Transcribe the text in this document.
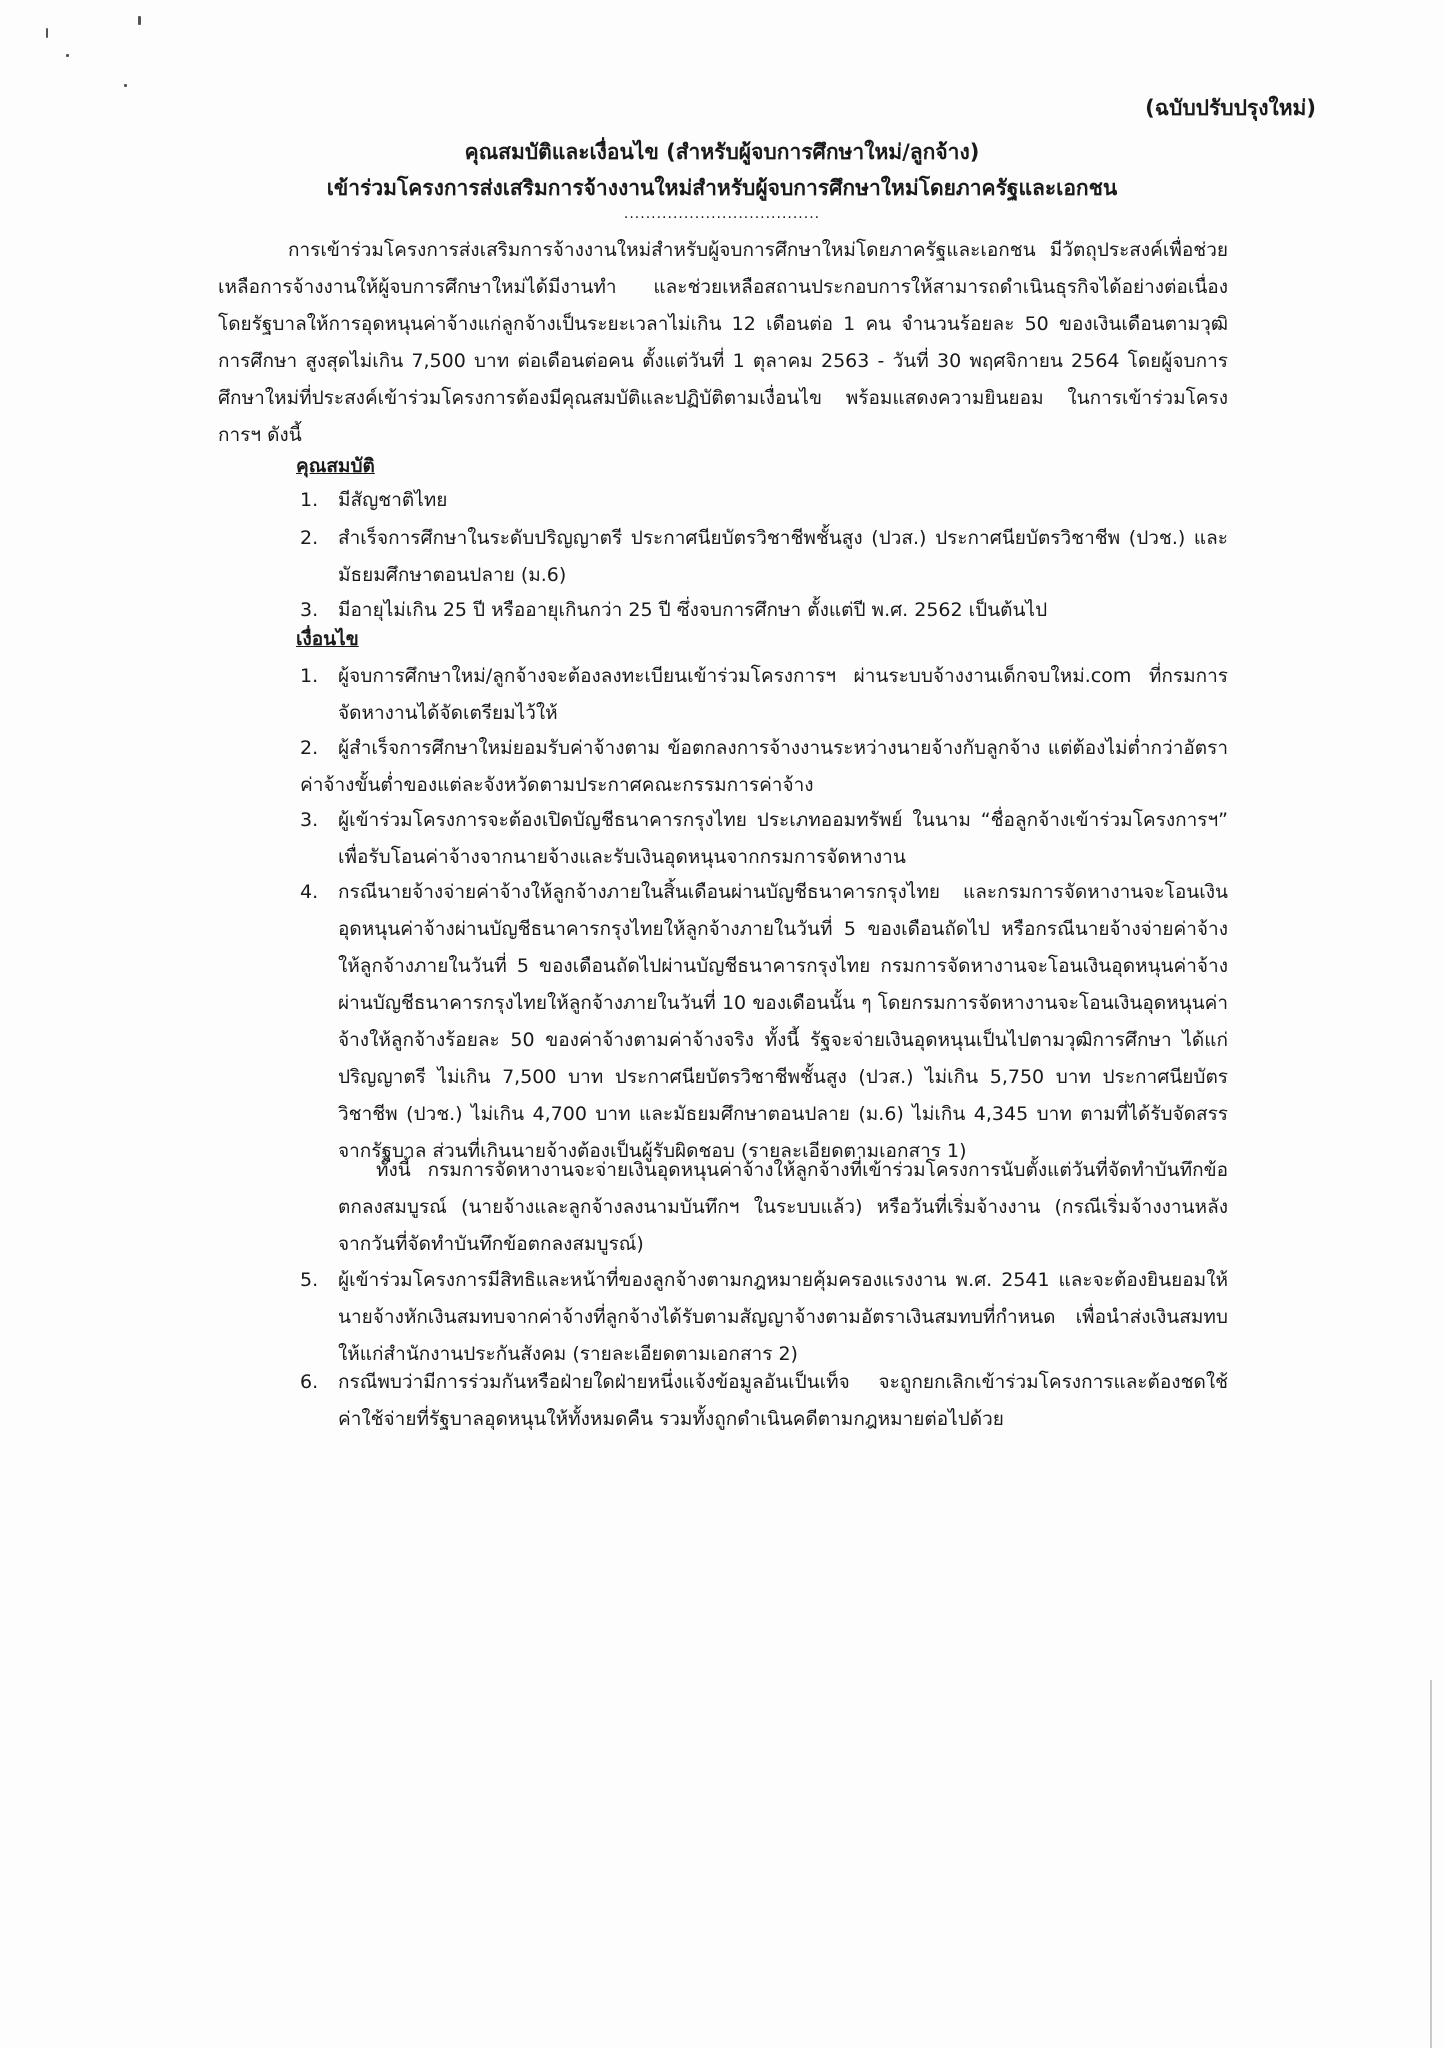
(ฉบับปรับปรุงใหม่)
คุณสมบัติและเงื่อนไข (สำหรับผู้จบการศึกษาใหม่/ลูกจ้าง)
เข้าร่วมโครงการส่งเสริมการจ้างงานใหม่สำหรับผู้จบการศึกษาใหม่โดยภาครัฐและเอกชน
....................................

การเข้าร่วมโครงการส่งเสริมการจ้างงานใหม่สำหรับผู้จบการศึกษาใหม่โดยภาครัฐและเอกชน มีวัตถุประสงค์เพื่อช่วยเหลือการจ้างงานให้ผู้จบการศึกษาใหม่ได้มีงานทำ และช่วยเหลือสถานประกอบการให้สามารถดำเนินธุรกิจได้อย่างต่อเนื่อง โดยรัฐบาลให้การอุดหนุนค่าจ้างแก่ลูกจ้างเป็นระยะเวลาไม่เกิน 12 เดือนต่อ 1 คน จำนวนร้อยละ 50 ของเงินเดือนตามวุฒิการศึกษา สูงสุดไม่เกิน 7,500 บาท ต่อเดือนต่อคน ตั้งแต่วันที่ 1 ตุลาคม 2563 - วันที่ 30 พฤศจิกายน 2564 โดยผู้จบการศึกษาใหม่ที่ประสงค์เข้าร่วมโครงการต้องมีคุณสมบัติและปฏิบัติตามเงื่อนไข พร้อมแสดงความยินยอม ในการเข้าร่วมโครงการฯ ดังนี้

คุณสมบัติ
1. มีสัญชาติไทย
2. สำเร็จการศึกษาในระดับปริญญาตรี ประกาศนียบัตรวิชาชีพชั้นสูง (ปวส.) ประกาศนียบัตรวิชาชีพ (ปวช.) และมัธยมศึกษาตอนปลาย (ม.6)
3. มีอายุไม่เกิน 25 ปี หรืออายุเกินกว่า 25 ปี ซึ่งจบการศึกษา ตั้งแต่ปี พ.ศ. 2562 เป็นต้นไป
เงื่อนไข
1. ผู้จบการศึกษาใหม่/ลูกจ้างจะต้องลงทะเบียนเข้าร่วมโครงการฯ ผ่านระบบจ้างงานเด็กจบใหม่.com ที่กรมการจัดหางานได้จัดเตรียมไว้ให้

2. ผู้สำเร็จการศึกษาใหม่ยอมรับค่าจ้างตาม ข้อตกลงการจ้างงานระหว่างนายจ้างกับลูกจ้าง แต่ต้องไม่ต่ำกว่าอัตราค่าจ้างขั้นต่ำของแต่ละจังหวัดตามประกาศคณะกรรมการค่าจ้าง

3. ผู้เข้าร่วมโครงการจะต้องเปิดบัญชีธนาคารกรุงไทย ประเภทออมทรัพย์ ในนาม “ชื่อลูกจ้างเข้าร่วมโครงการฯ” เพื่อรับโอนค่าจ้างจากนายจ้างและรับเงินอุดหนุนจากกรมการจัดหางาน
4. กรณีนายจ้างจ่ายค่าจ้างให้ลูกจ้างภายในสิ้นเดือนผ่านบัญชีธนาคารกรุงไทย และกรมการจัดหางานจะโอนเงินอุดหนุนค่าจ้างผ่านบัญชีธนาคารกรุงไทยให้ลูกจ้างภายในวันที่ 5 ของเดือนถัดไป หรือกรณีนายจ้างจ่ายค่าจ้างให้ลูกจ้างภายในวันที่ 5 ของเดือนถัดไปผ่านบัญชีธนาคารกรุงไทย กรมการจัดหางานจะโอนเงินอุดหนุนค่าจ้างผ่านบัญชีธนาคารกรุงไทยให้ลูกจ้างภายในวันที่ 10 ของเดือนนั้น ๆ โดยกรมการจัดหางานจะโอนเงินอุดหนุนค่าจ้างให้ลูกจ้างร้อยละ 50 ของค่าจ้างตามค่าจ้างจริง ทั้งนี้ รัฐจะจ่ายเงินอุดหนุนเป็นไปตามวุฒิการศึกษา ได้แก่ ปริญญาตรี ไม่เกิน 7,500 บาท ประกาศนียบัตรวิชาชีพชั้นสูง (ปวส.) ไม่เกิน 5,750 บาท ประกาศนียบัตรวิชาชีพ (ปวช.) ไม่เกิน 4,700 บาท และมัธยมศึกษาตอนปลาย (ม.6) ไม่เกิน 4,345 บาท ตามที่ได้รับจัดสรรจากรัฐบาล ส่วนที่เกินนายจ้างต้องเป็นผู้รับผิดชอบ (รายละเอียดตามเอกสาร 1)

ทั้งนี้ กรมการจัดหางานจะจ่ายเงินอุดหนุนค่าจ้างให้ลูกจ้างที่เข้าร่วมโครงการนับตั้งแต่วันที่จัดทำบันทึกข้อตกลงสมบูรณ์ (นายจ้างและลูกจ้างลงนามบันทึกฯ ในระบบแล้ว) หรือวันที่เริ่มจ้างงาน (กรณีเริ่มจ้างงานหลังจากวันที่จัดทำบันทึกข้อตกลงสมบูรณ์)

5. ผู้เข้าร่วมโครงการมีสิทธิและหน้าที่ของลูกจ้างตามกฎหมายคุ้มครองแรงงาน พ.ศ. 2541 และจะต้องยินยอมให้นายจ้างหักเงินสมทบจากค่าจ้างที่ลูกจ้างได้รับตามสัญญาจ้างตามอัตราเงินสมทบที่กำหนด เพื่อนำส่งเงินสมทบให้แก่สำนักงานประกันสังคม (รายละเอียดตามเอกสาร 2)
6. กรณีพบว่ามีการร่วมกันหรือฝ่ายใดฝ่ายหนึ่งแจ้งข้อมูลอันเป็นเท็จ จะถูกยกเลิกเข้าร่วมโครงการและต้องชดใช้ค่าใช้จ่ายที่รัฐบาลอุดหนุนให้ทั้งหมดคืน รวมทั้งถูกดำเนินคดีตามกฎหมายต่อไปด้วย
